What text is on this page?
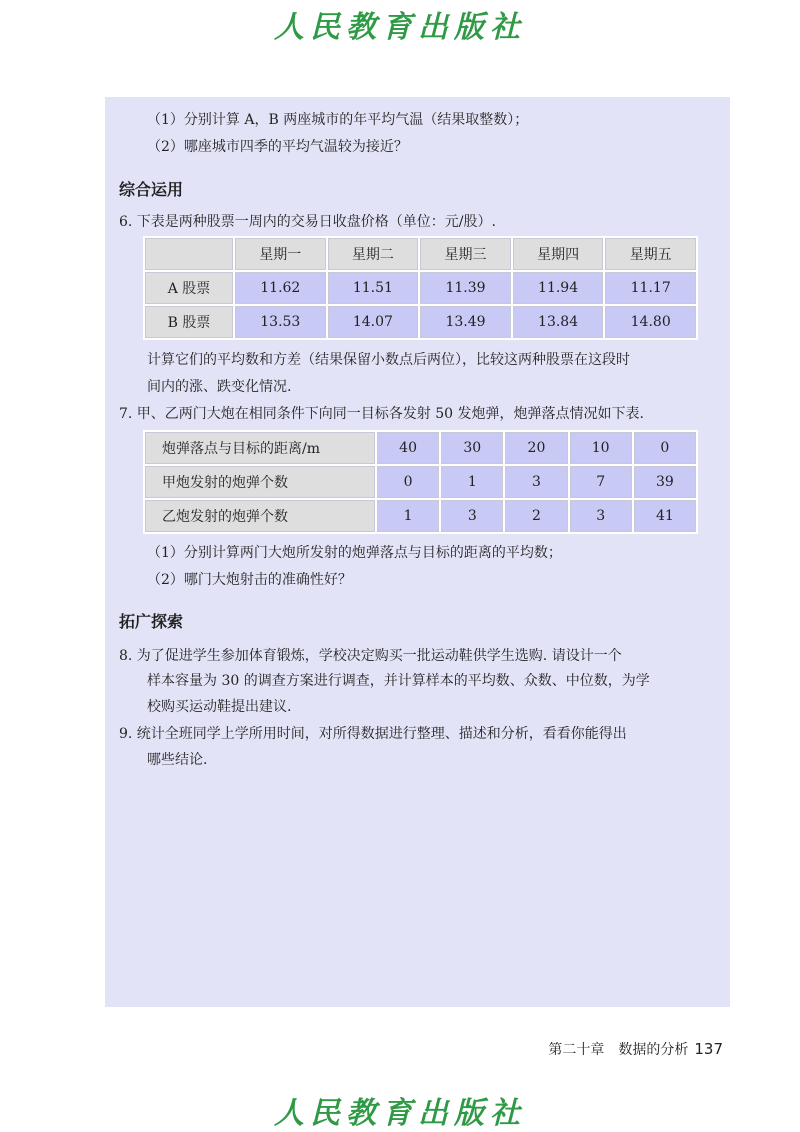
人民教育出版社
（1）分别计算 A，B 两座城市的年平均气温（结果取整数）；
（2）哪座城市四季的平均气温较为接近？
综合运用
6. 下表是两种股票一周内的交易日收盘价格（单位：元/股）.
	星期一	星期二	星期三	星期四	星期五
A 股票	11.62	11.51	11.39	11.94	11.17
B 股票	13.53	14.07	13.49	13.84	14.80
计算它们的平均数和方差（结果保留小数点后两位），比较这两种股票在这段时
间内的涨、跌变化情况.
7. 甲、乙两门大炮在相同条件下向同一目标各发射 50 发炮弹，炮弹落点情况如下表.
炮弹落点与目标的距离/m	40	30	20	10	0
甲炮发射的炮弹个数	0	1	3	7	39
乙炮发射的炮弹个数	1	3	2	3	41
（1）分别计算两门大炮所发射的炮弹落点与目标的距离的平均数；
（2）哪门大炮射击的准确性好？
拓广探索
8. 为了促进学生参加体育锻炼，学校决定购买一批运动鞋供学生选购. 请设计一个
样本容量为 30 的调查方案进行调查，并计算样本的平均数、众数、中位数，为学
校购买运动鞋提出建议.
9. 统计全班同学上学所用时间，对所得数据进行整理、描述和分析，看看你能得出
哪些结论.
第二十章　数据的分析 137
人民教育出版社
